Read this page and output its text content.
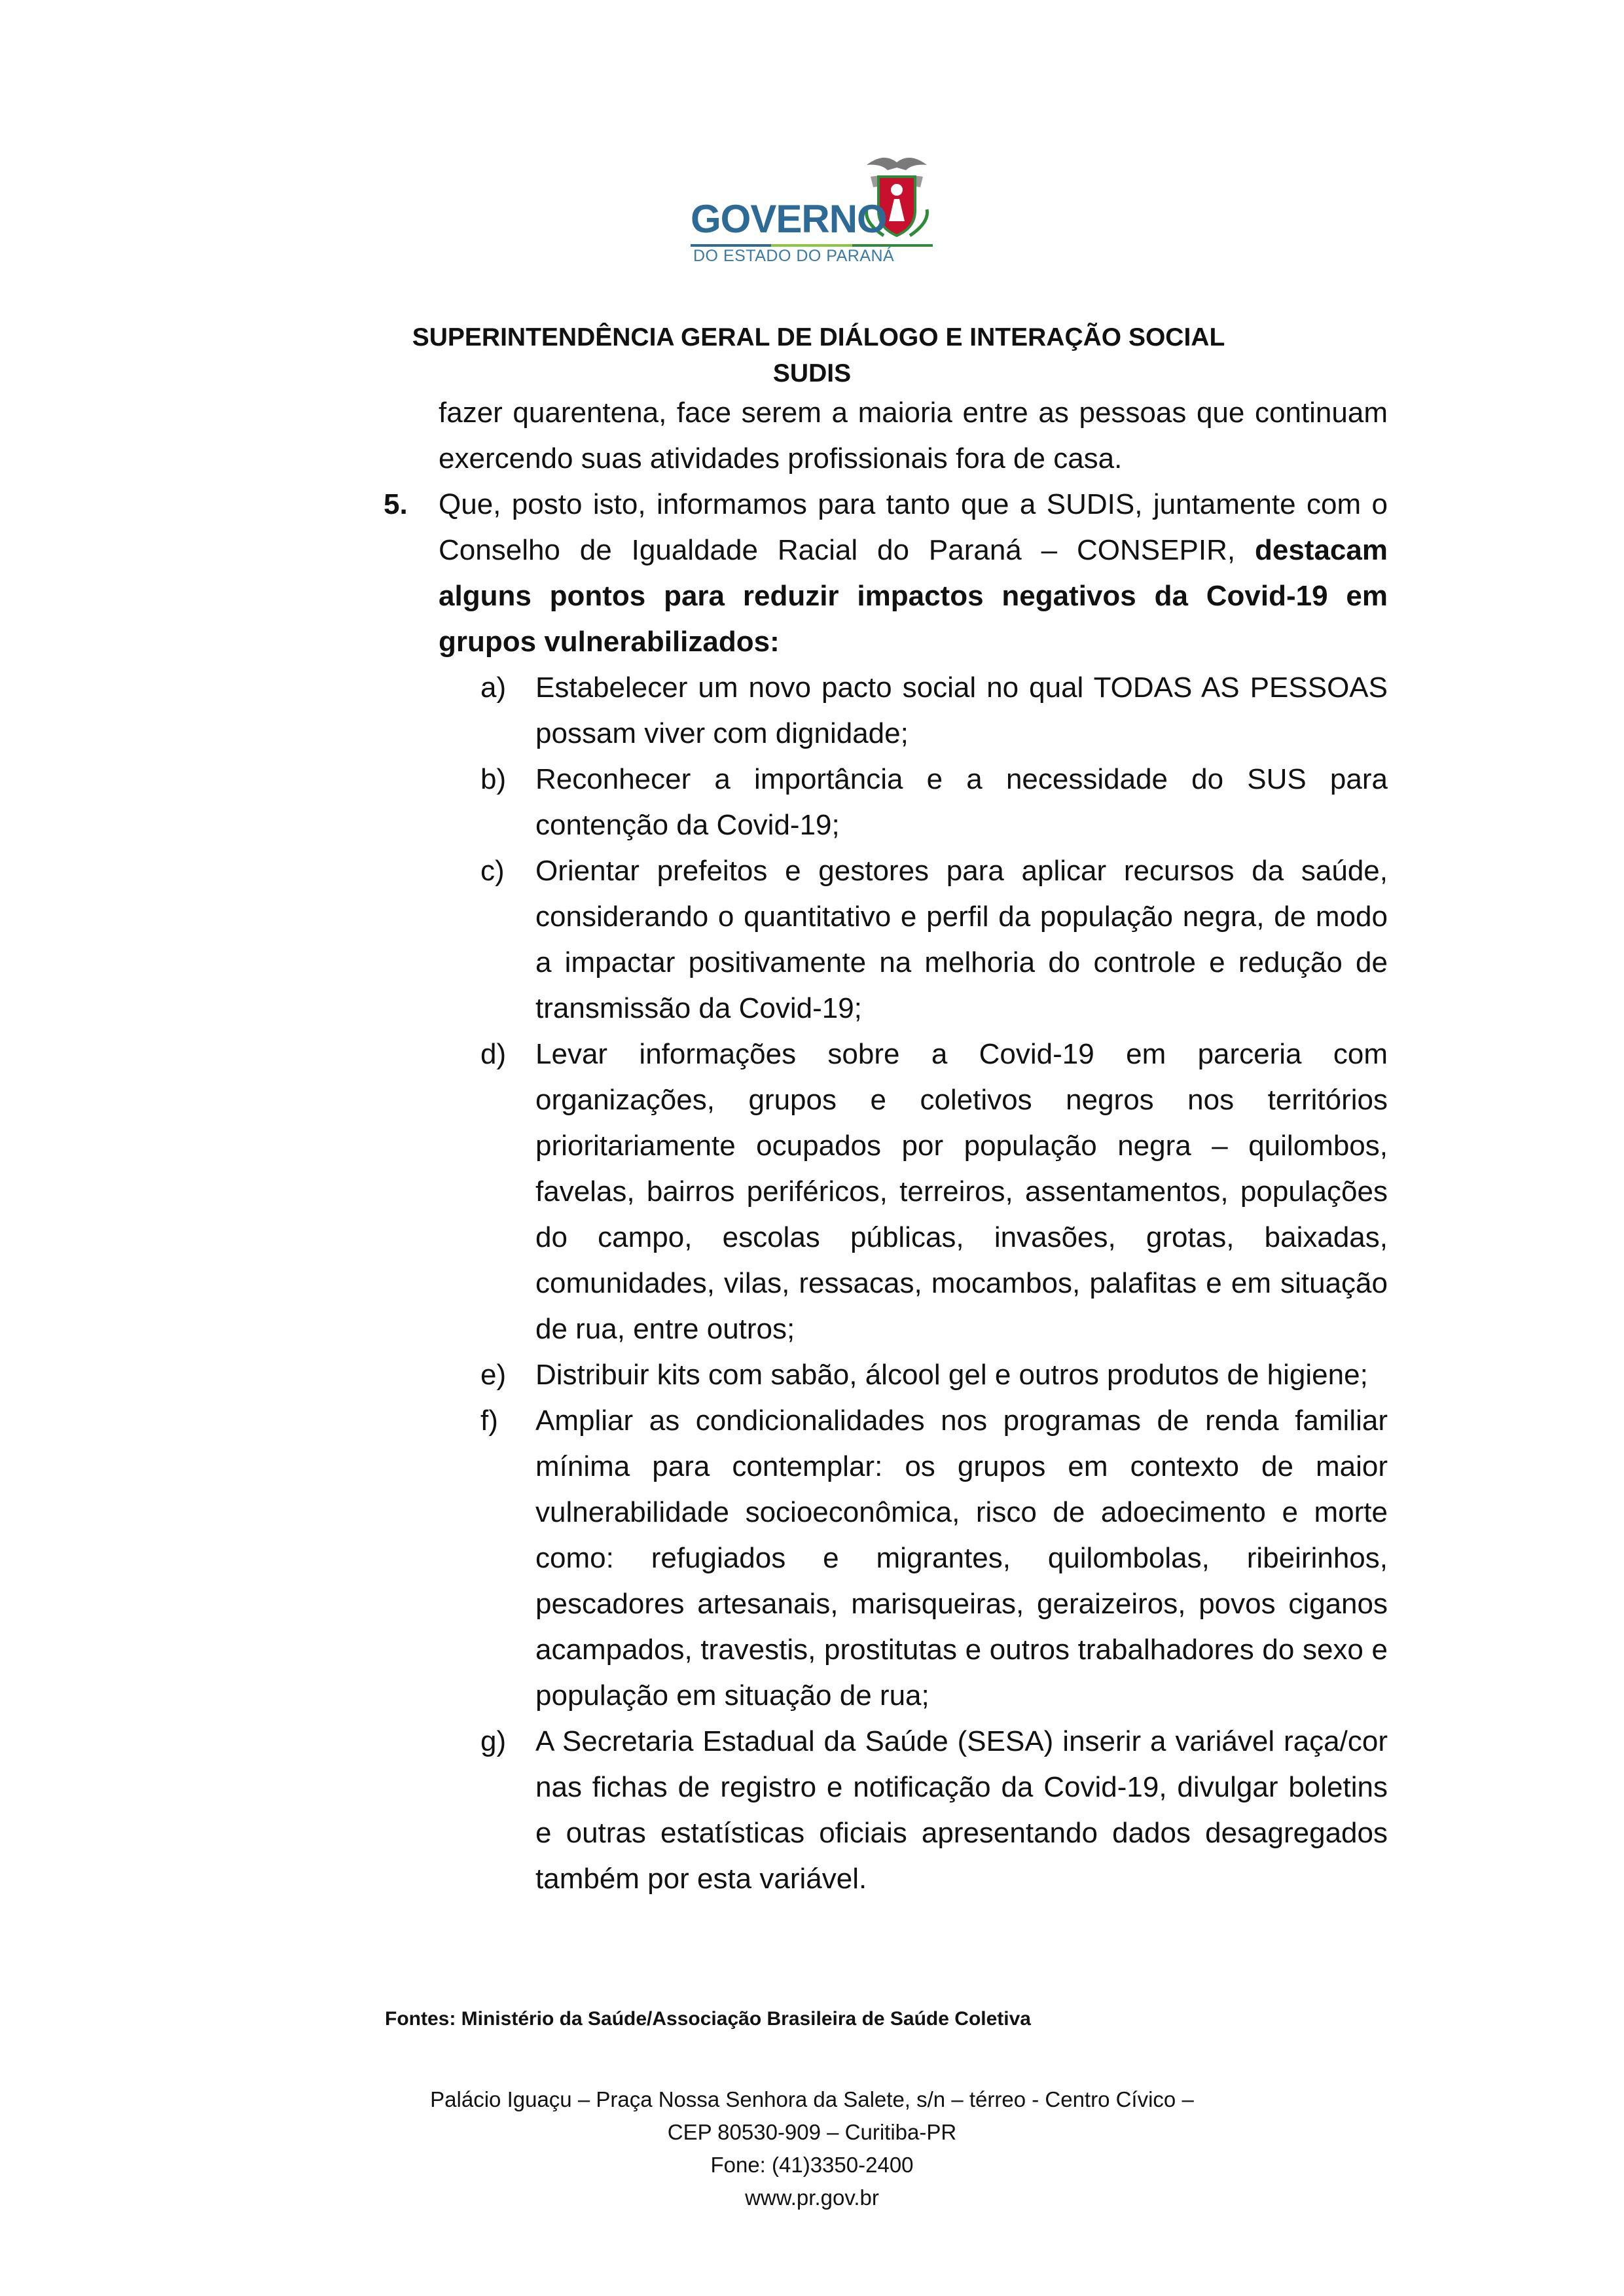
GOVERNO
DO ESTADO DO PARANÁ
SUPERINTENDÊNCIA GERAL DE DIÁLOGO E INTERAÇÃO SOCIAL
SUDIS
fazer quarentena, face serem a maioria entre as pessoas que continuam exercendo suas atividades profissionais fora de casa.
5. Que, posto isto, informamos para tanto que a SUDIS, juntamente com o Conselho de Igualdade Racial do Paraná – CONSEPIR, destacam alguns pontos para reduzir impactos negativos da Covid-19 em grupos vulnerabilizados:
a) Estabelecer um novo pacto social no qual TODAS AS PESSOAS possam viver com dignidade;
b) Reconhecer a importância e a necessidade do SUS para contenção da Covid-19;
c) Orientar prefeitos e gestores para aplicar recursos da saúde, considerando o quantitativo e perfil da população negra, de modo a impactar positivamente na melhoria do controle e redução de transmissão da Covid-19;
d) Levar informações sobre a Covid-19 em parceria com organizações, grupos e coletivos negros nos territórios prioritariamente ocupados por população negra – quilombos, favelas, bairros periféricos, terreiros, assentamentos, populações do campo, escolas públicas, invasões, grotas, baixadas, comunidades, vilas, ressacas, mocambos, palafitas e em situação de rua, entre outros;
e) Distribuir kits com sabão, álcool gel e outros produtos de higiene;
f) Ampliar as condicionalidades nos programas de renda familiar mínima para contemplar: os grupos em contexto de maior vulnerabilidade socioeconômica, risco de adoecimento e morte como: refugiados e migrantes, quilombolas, ribeirinhos, pescadores artesanais, marisqueiras, geraizeiros, povos ciganos acampados, travestis, prostitutas e outros trabalhadores do sexo e população em situação de rua;
g) A Secretaria Estadual da Saúde (SESA) inserir a variável raça/cor nas fichas de registro e notificação da Covid-19, divulgar boletins e outras estatísticas oficiais apresentando dados desagregados também por esta variável.
Fontes: Ministério da Saúde/Associação Brasileira de Saúde Coletiva
Palácio Iguaçu – Praça Nossa Senhora da Salete, s/n – térreo - Centro Cívico –
CEP 80530-909 – Curitiba-PR
Fone: (41)3350-2400
www.pr.gov.br
